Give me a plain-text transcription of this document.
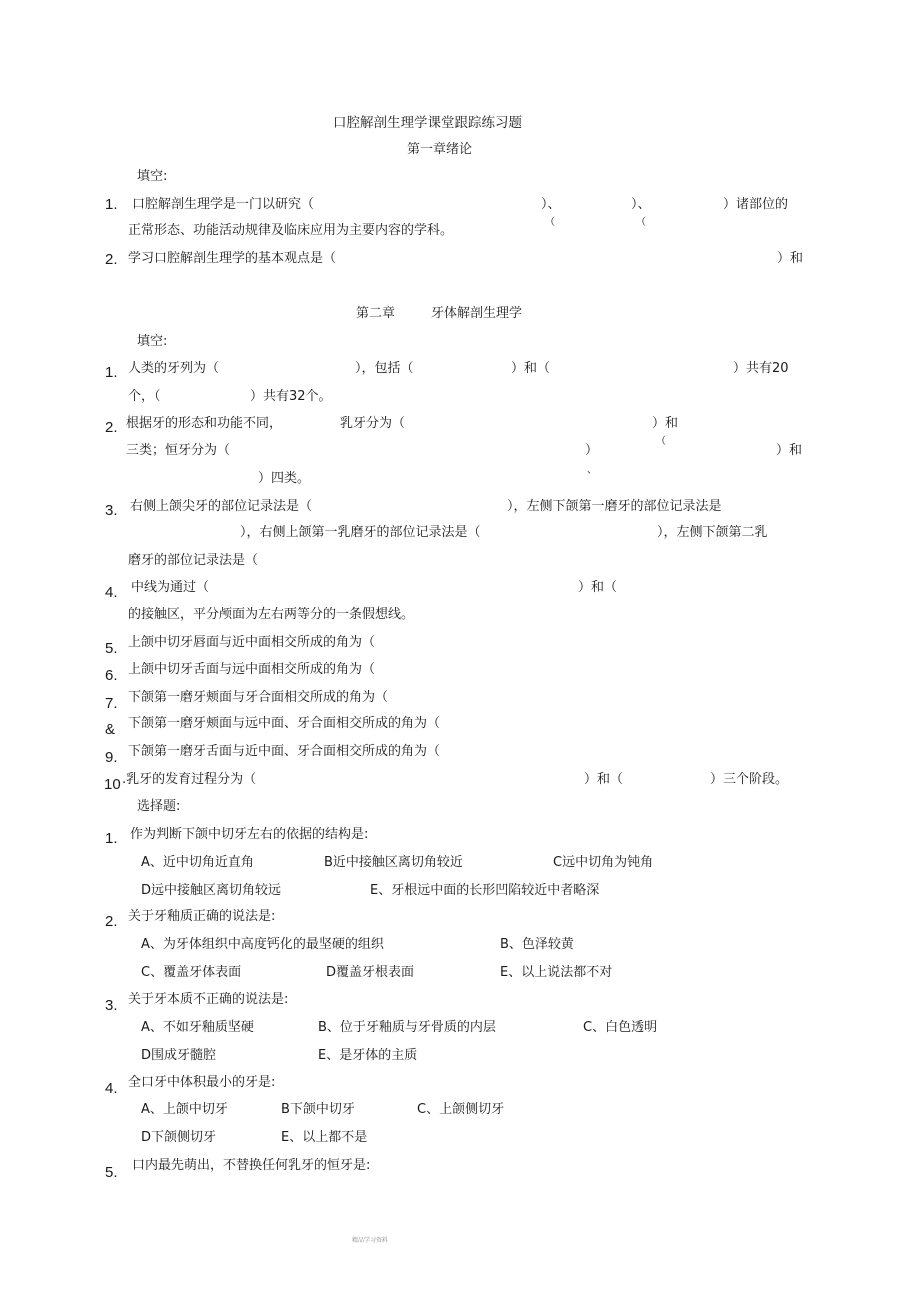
口腔解剖生理学课堂跟踪练习题
第一章绪论
填空:
1. 口腔解剖生理学是一门以研究（	）、	）、	）诸部位的
（	（
正常形态、功能活动规律及临床应用为主要内容的学科。
2. 学习口腔解剖生理学的基本观点是（	）和
第二章	牙体解剖生理学
填空:
1. 人类的牙列为（	），包括（	）和（	）共有20
个，（	）共有32个。
2. 根据牙的形态和功能不同，	乳牙分为（	）和
（
三类；恒牙分为（	）	）和
）四类。
、
3. 右侧上颌尖牙的部位记录法是（	），左侧下颌第一磨牙的部位记录法是
），右侧上颌第一乳磨牙的部位记录法是（	），左侧下颌第二乳
磨牙的部位记录法是（
4. 中线为通过（	）和（
的接触区，平分颅面为左右两等分的一条假想线。
5. 上颌中切牙唇面与近中面相交所成的角为（
6. 上颌中切牙舌面与远中面相交所成的角为（
7. 下颌第一磨牙颊面与牙合面相交所成的角为（
& 下颌第一磨牙颊面与远中面、牙合面相交所成的角为（
9. 下颌第一磨牙舌面与近中面、牙合面相交所成的角为（
10 .乳牙的发育过程分为（	）和（	）三个阶段。
选择题:
1. 作为判断下颌中切牙左右的依据的结构是:
A、近中切角近直角	B近中接触区离切角较近	C远中切角为钝角
D远中接触区离切角较远	E、牙根远中面的长形凹陷较近中者略深
2. 关于牙釉质正确的说法是:
A、为牙体组织中高度钙化的最坚硬的组织	B、色泽较黄
C、覆盖牙体表面	D覆盖牙根表面	E、以上说法都不对
3. 关于牙本质不正确的说法是:
A、不如牙釉质坚硬	B、位于牙釉质与牙骨质的内层	C、白色透明
D围成牙髓腔	E、是牙体的主质
4. 全口牙中体积最小的牙是:
A、上颌中切牙	B下颌中切牙	C、上颌侧切牙
D下颌侧切牙	E、以上都不是
5. 口内最先萌出，不替换任何乳牙的恒牙是:
精品学习资料
